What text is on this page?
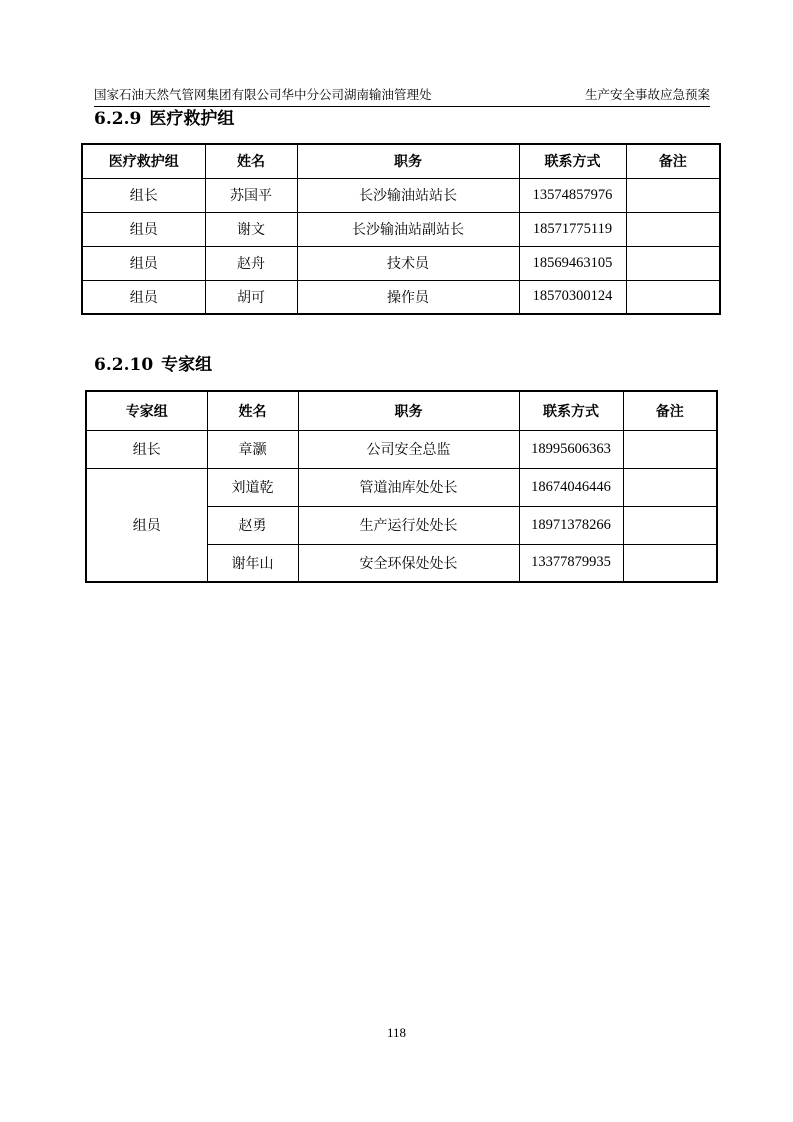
国家石油天然气管网集团有限公司华中分公司湖南输油管理处	生产安全事故应急预案
6.2.9 医疗救护组
医疗救护组	姓名	职务	联系方式	备注
组长	苏国平	长沙输油站站长	13574857976	
组员	谢文	长沙输油站副站长	18571775119	
组员	赵舟	技术员	18569463105	
组员	胡可	操作员	18570300124	
6.2.10 专家组
专家组	姓名	职务	联系方式	备注
组长	章灏	公司安全总监	18995606363	
组员	刘道乾	管道油库处处长	18674046446	
	赵勇	生产运行处处长	18971378266	
	谢年山	安全环保处处长	13377879935	
118
